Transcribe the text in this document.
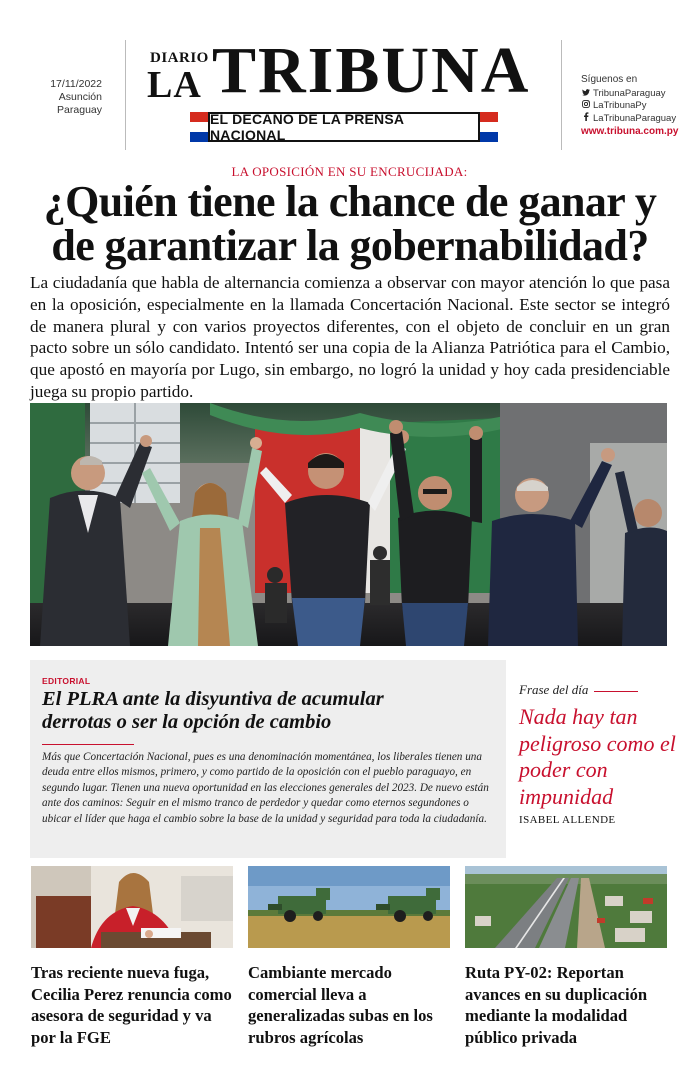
17/11/2022
Asunción
Paraguay
DIARIO
LA TRIBUNA
EL DECANO DE LA PRENSA NACIONAL
Síguenos en
TribunaParaguay
LaTribunaPy
LaTribunaParaguay
www.tribuna.com.py
LA OPOSICIÓN EN SU ENCRUCIJADA:
¿Quién tiene la chance de ganar y de garantizar la gobernabilidad?

La ciudadanía que habla de alternancia comienza a observar con mayor atención lo que pasa en la oposición, especialmente en la llamada Concertación Nacional. Este sector se integró de manera plural y con varios proyectos diferentes, con el objeto de concluir en un gran pacto sobre un sólo candidato. Intentó ser una copia de la Alianza Patriótica para el Cambio, que apostó en mayoría por Lugo, sin embargo, no logró la unidad y hoy cada presidenciable juega su propio partido.

EDITORIAL
El PLRA ante la disyuntiva de acumular derrotas o ser la opción de cambio

Más que Concertación Nacional, pues es una denominación momentánea, los liberales tienen una deuda entre ellos mismos, primero, y como partido de la oposición con el pueblo paraguayo, en segundo lugar. Tienen una nueva oportunidad en las elecciones generales del 2023. De nuevo están ante dos caminos: Seguir en el mismo tranco de perdedor y quedar como eternos segundones o ubicar el líder que haga el cambio sobre la base de la unidad y seguridad para toda la ciudadanía.

Frase del día
Nada hay tan peligroso como el poder con impunidad
ISABEL ALLENDE
Tras reciente nueva fuga, Cecilia Perez renuncia como asesora de seguridad y va por la FGE
Cambiante mercado comercial lleva a generalizadas subas en los rubros agrícolas
Ruta PY-02: Reportan avances en su duplicación mediante la modalidad público privada
